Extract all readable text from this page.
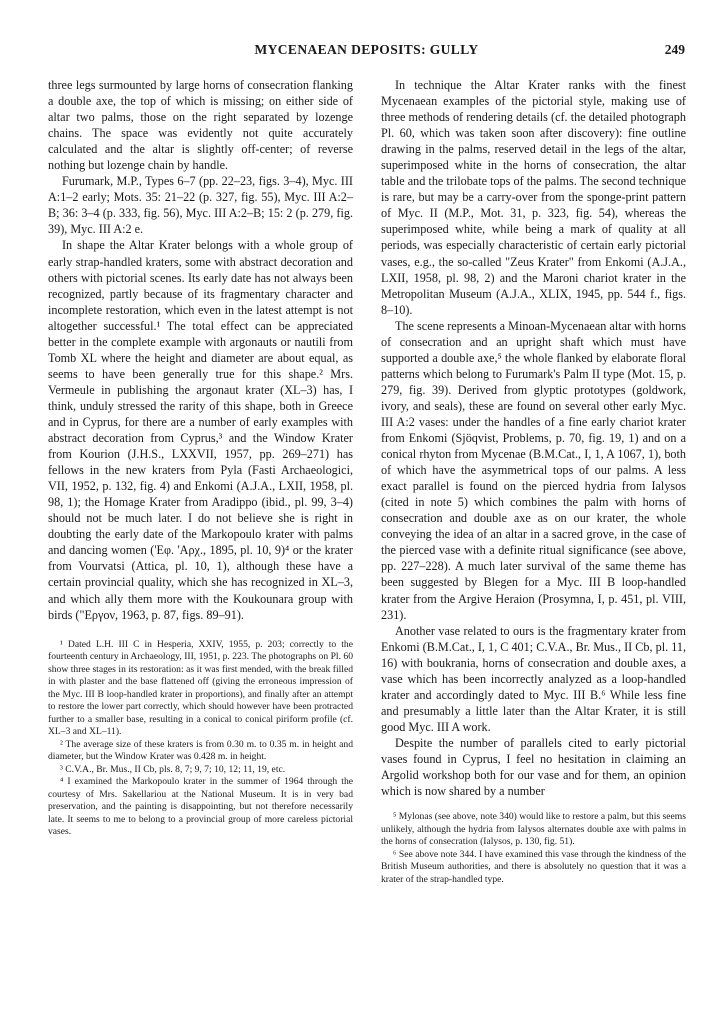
MYCENAEAN DEPOSITS: GULLY	249

three legs surmounted by large horns of consecration flanking a double axe, the top of which is missing; on either side of altar two palms, those on the right separated by lozenge chains. The space was evidently not quite accurately calculated and the altar is slightly off-center; of reverse nothing but lozenge chain by handle.

Furumark, M.P., Types 6–7 (pp. 22–23, figs. 3–4), Myc. III A:1–2 early; Mots. 35: 21–22 (p. 327, fig. 55), Myc. III A:2–B; 36: 3–4 (p. 333, fig. 56), Myc. III A:2–B; 15: 2 (p. 279, fig. 39), Myc. III A:2 e.

In shape the Altar Krater belongs with a whole group of early strap-handled kraters, some with abstract decoration and others with pictorial scenes. Its early date has not always been recognized, partly because of its fragmentary character and incomplete restoration, which even in the latest attempt is not altogether successful.¹ The total effect can be appreciated better in the complete example with argonauts or nautili from Tomb XL where the height and diameter are about equal, as seems to have been generally true for this shape.² Mrs. Vermeule in publishing the argonaut krater (XL–3) has, I think, unduly stressed the rarity of this shape, both in Greece and in Cyprus, for there are a number of early examples with abstract decoration from Cyprus,³ and the Window Krater from Kourion (J.H.S., LXXVII, 1957, pp. 269–271) has fellows in the new kraters from Pyla (Fasti Archaeologici, VII, 1952, p. 132, fig. 4) and Enkomi (A.J.A., LXII, 1958, pl. 98, 1); the Homage Krater from Aradippo (ibid., pl. 99, 3–4) should not be much later. I do not believe she is right in doubting the early date of the Markopoulo krater with palms and dancing women ('Εφ. 'Αρχ., 1895, pl. 10, 9)⁴ or the krater from Vourvatsi (Attica, pl. 10, 1), although these have a certain provincial quality, which she has recognized in XL–3, and which ally them more with the Koukounara group with birds ("Εργον, 1963, p. 87, figs. 89–91).

¹ Dated L.H. III C in Hesperia, XXIV, 1955, p. 203; correctly to the fourteenth century in Archaeology, III, 1951, p. 223. The photographs on Pl. 60 show three stages in its restoration: as it was first mended, with the break filled in with plaster and the base flattened off (giving the erroneous impression of the Myc. III B loop-handled krater in proportions), and finally after an attempt to restore the lower part correctly, which should however have been protracted further to a smaller base, resulting in a conical to conical piriform profile (cf. XL–3 and XL–11).

² The average size of these kraters is from 0.30 m. to 0.35 m. in height and diameter, but the Window Krater was 0.428 m. in height.

³ C.V.A., Br. Mus., II Cb, pls. 8, 7; 9, 7; 10, 12; 11, 19, etc.

⁴ I examined the Markopoulo krater in the summer of 1964 through the courtesy of Mrs. Sakellariou at the National Museum. It is in very bad preservation, and the painting is disappointing, but not therefore necessarily late. It seems to me to belong to a provincial group of more careless pictorial vases.

In technique the Altar Krater ranks with the finest Mycenaean examples of the pictorial style, making use of three methods of rendering details (cf. the detailed photograph Pl. 60, which was taken soon after discovery): fine outline drawing in the palms, reserved detail in the legs of the altar, superimposed white in the horns of consecration, the altar table and the trilobate tops of the palms. The second technique is rare, but may be a carry-over from the sponge-print pattern of Myc. II (M.P., Mot. 31, p. 323, fig. 54), whereas the superimposed white, while being a mark of quality at all periods, was especially characteristic of certain early pictorial vases, e.g., the so-called "Zeus Krater" from Enkomi (A.J.A., LXII, 1958, pl. 98, 2) and the Maroni chariot krater in the Metropolitan Museum (A.J.A., XLIX, 1945, pp. 544 f., figs. 8–10).

The scene represents a Minoan-Mycenaean altar with horns of consecration and an upright shaft which must have supported a double axe,⁵ the whole flanked by elaborate floral patterns which belong to Furumark's Palm II type (Mot. 15, p. 279, fig. 39). Derived from glyptic prototypes (goldwork, ivory, and seals), these are found on several other early Myc. III A:2 vases: under the handles of a fine early chariot krater from Enkomi (Sjöqvist, Problems, p. 70, fig. 19, 1) and on a conical rhyton from Mycenae (B.M.Cat., I, 1, A 1067, 1), both of which have the asymmetrical tops of our palms. A less exact parallel is found on the pierced hydria from Ialysos (cited in note 5) which combines the palm with horns of consecration and double axe as on our krater, the whole conveying the idea of an altar in a sacred grove, in the case of the pierced vase with a definite ritual significance (see above, pp. 227–228). A much later survival of the same theme has been suggested by Blegen for a Myc. III B loop-handled krater from the Argive Heraion (Prosymna, I, p. 451, pl. VIII, 231).

Another vase related to ours is the fragmentary krater from Enkomi (B.M.Cat., I, 1, C 401; C.V.A., Br. Mus., II Cb, pl. 11, 16) with boukrania, horns of consecration and double axes, a vase which has been incorrectly analyzed as a loop-handled krater and accordingly dated to Myc. III B.⁶ While less fine and presumably a little later than the Altar Krater, it is still good Myc. III A work.

Despite the number of parallels cited to early pictorial vases found in Cyprus, I feel no hesitation in claiming an Argolid workshop both for our vase and for them, an opinion which is now shared by a number

⁵ Mylonas (see above, note 340) would like to restore a palm, but this seems unlikely, although the hydria from Ialysos alternates double axe with palms in the horns of consecration (Ialysos, p. 130, fig. 51).

⁶ See above note 344. I have examined this vase through the kindness of the British Museum authorities, and there is absolutely no question that it was a krater of the strap-handled type.
